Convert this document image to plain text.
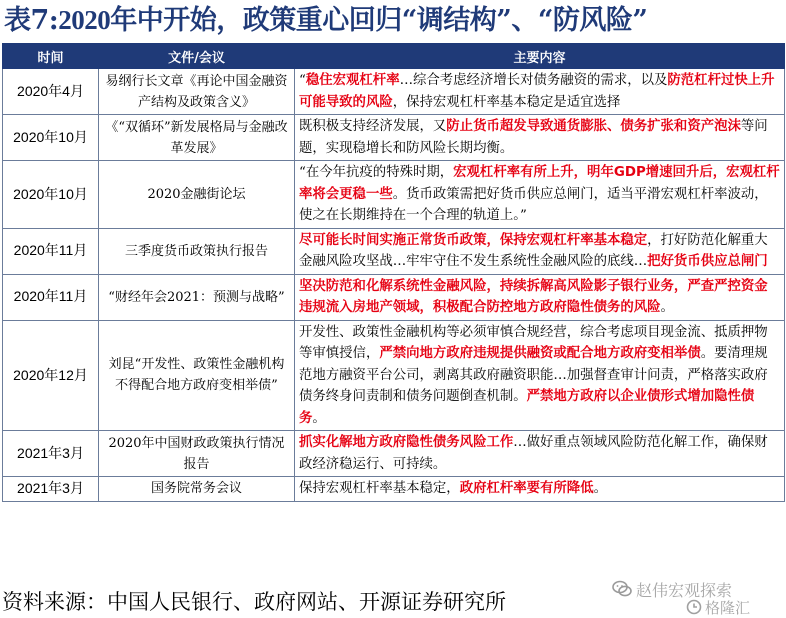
表7:2020年中开始，政策重心回归“调结构”、“防风险”
时间	文件/会议	主要内容
2020年4月	易纲行长文章《再论中国金融资产结构及政策含义》	“稳住宏观杠杆率…综合考虑经济增长对债务融资的需求，以及防范杠杆过快上升可能导致的风险，保持宏观杠杆率基本稳定是适宜选择
2020年10月	《“双循环”新发展格局与金融改革发展》	既积极支持经济发展，又防止货币超发导致通货膨胀、债务扩张和资产泡沫等问题，实现稳增长和防风险长期均衡。
2020年10月	2020金融街论坛	“在今年抗疫的特殊时期，宏观杠杆率有所上升，明年GDP增速回升后，宏观杠杆率将会更稳一些。货币政策需把好货币供应总闸门，适当平滑宏观杠杆率波动，使之在长期维持在一个合理的轨道上。”
2020年11月	三季度货币政策执行报告	尽可能长时间实施正常货币政策，保持宏观杠杆率基本稳定，打好防范化解重大金融风险攻坚战…牢牢守住不发生系统性金融风险的底线…把好货币供应总闸门
2020年11月	“财经年会2021：预测与战略”	坚决防范和化解系统性金融风险，持续拆解高风险影子银行业务，严查严控资金违规流入房地产领域，积极配合防控地方政府隐性债务的风险。
2020年12月	刘昆“开发性、政策性金融机构 不得配合地方政府变相举债”	开发性、政策性金融机构等必须审慎合规经营，综合考虑项目现金流、抵质押物等审慎授信，严禁向地方政府违规提供融资或配合地方政府变相举债。要清理规范地方融资平台公司，剥离其政府融资职能…加强督查审计问责，严格落实政府债务终身问责制和债务问题倒查机制。严禁地方政府以企业债形式增加隐性债务。
2021年3月	2020年中国财政政策执行情况报告	抓实化解地方政府隐性债务风险工作…做好重点领域风险防范化解工作，确保财政经济稳运行、可持续。
2021年3月	国务院常务会议	保持宏观杠杆率基本稳定，政府杠杆率要有所降低。
资料来源：中国人民银行、政府网站、开源证券研究所	赵伟宏观探索
格隆汇
